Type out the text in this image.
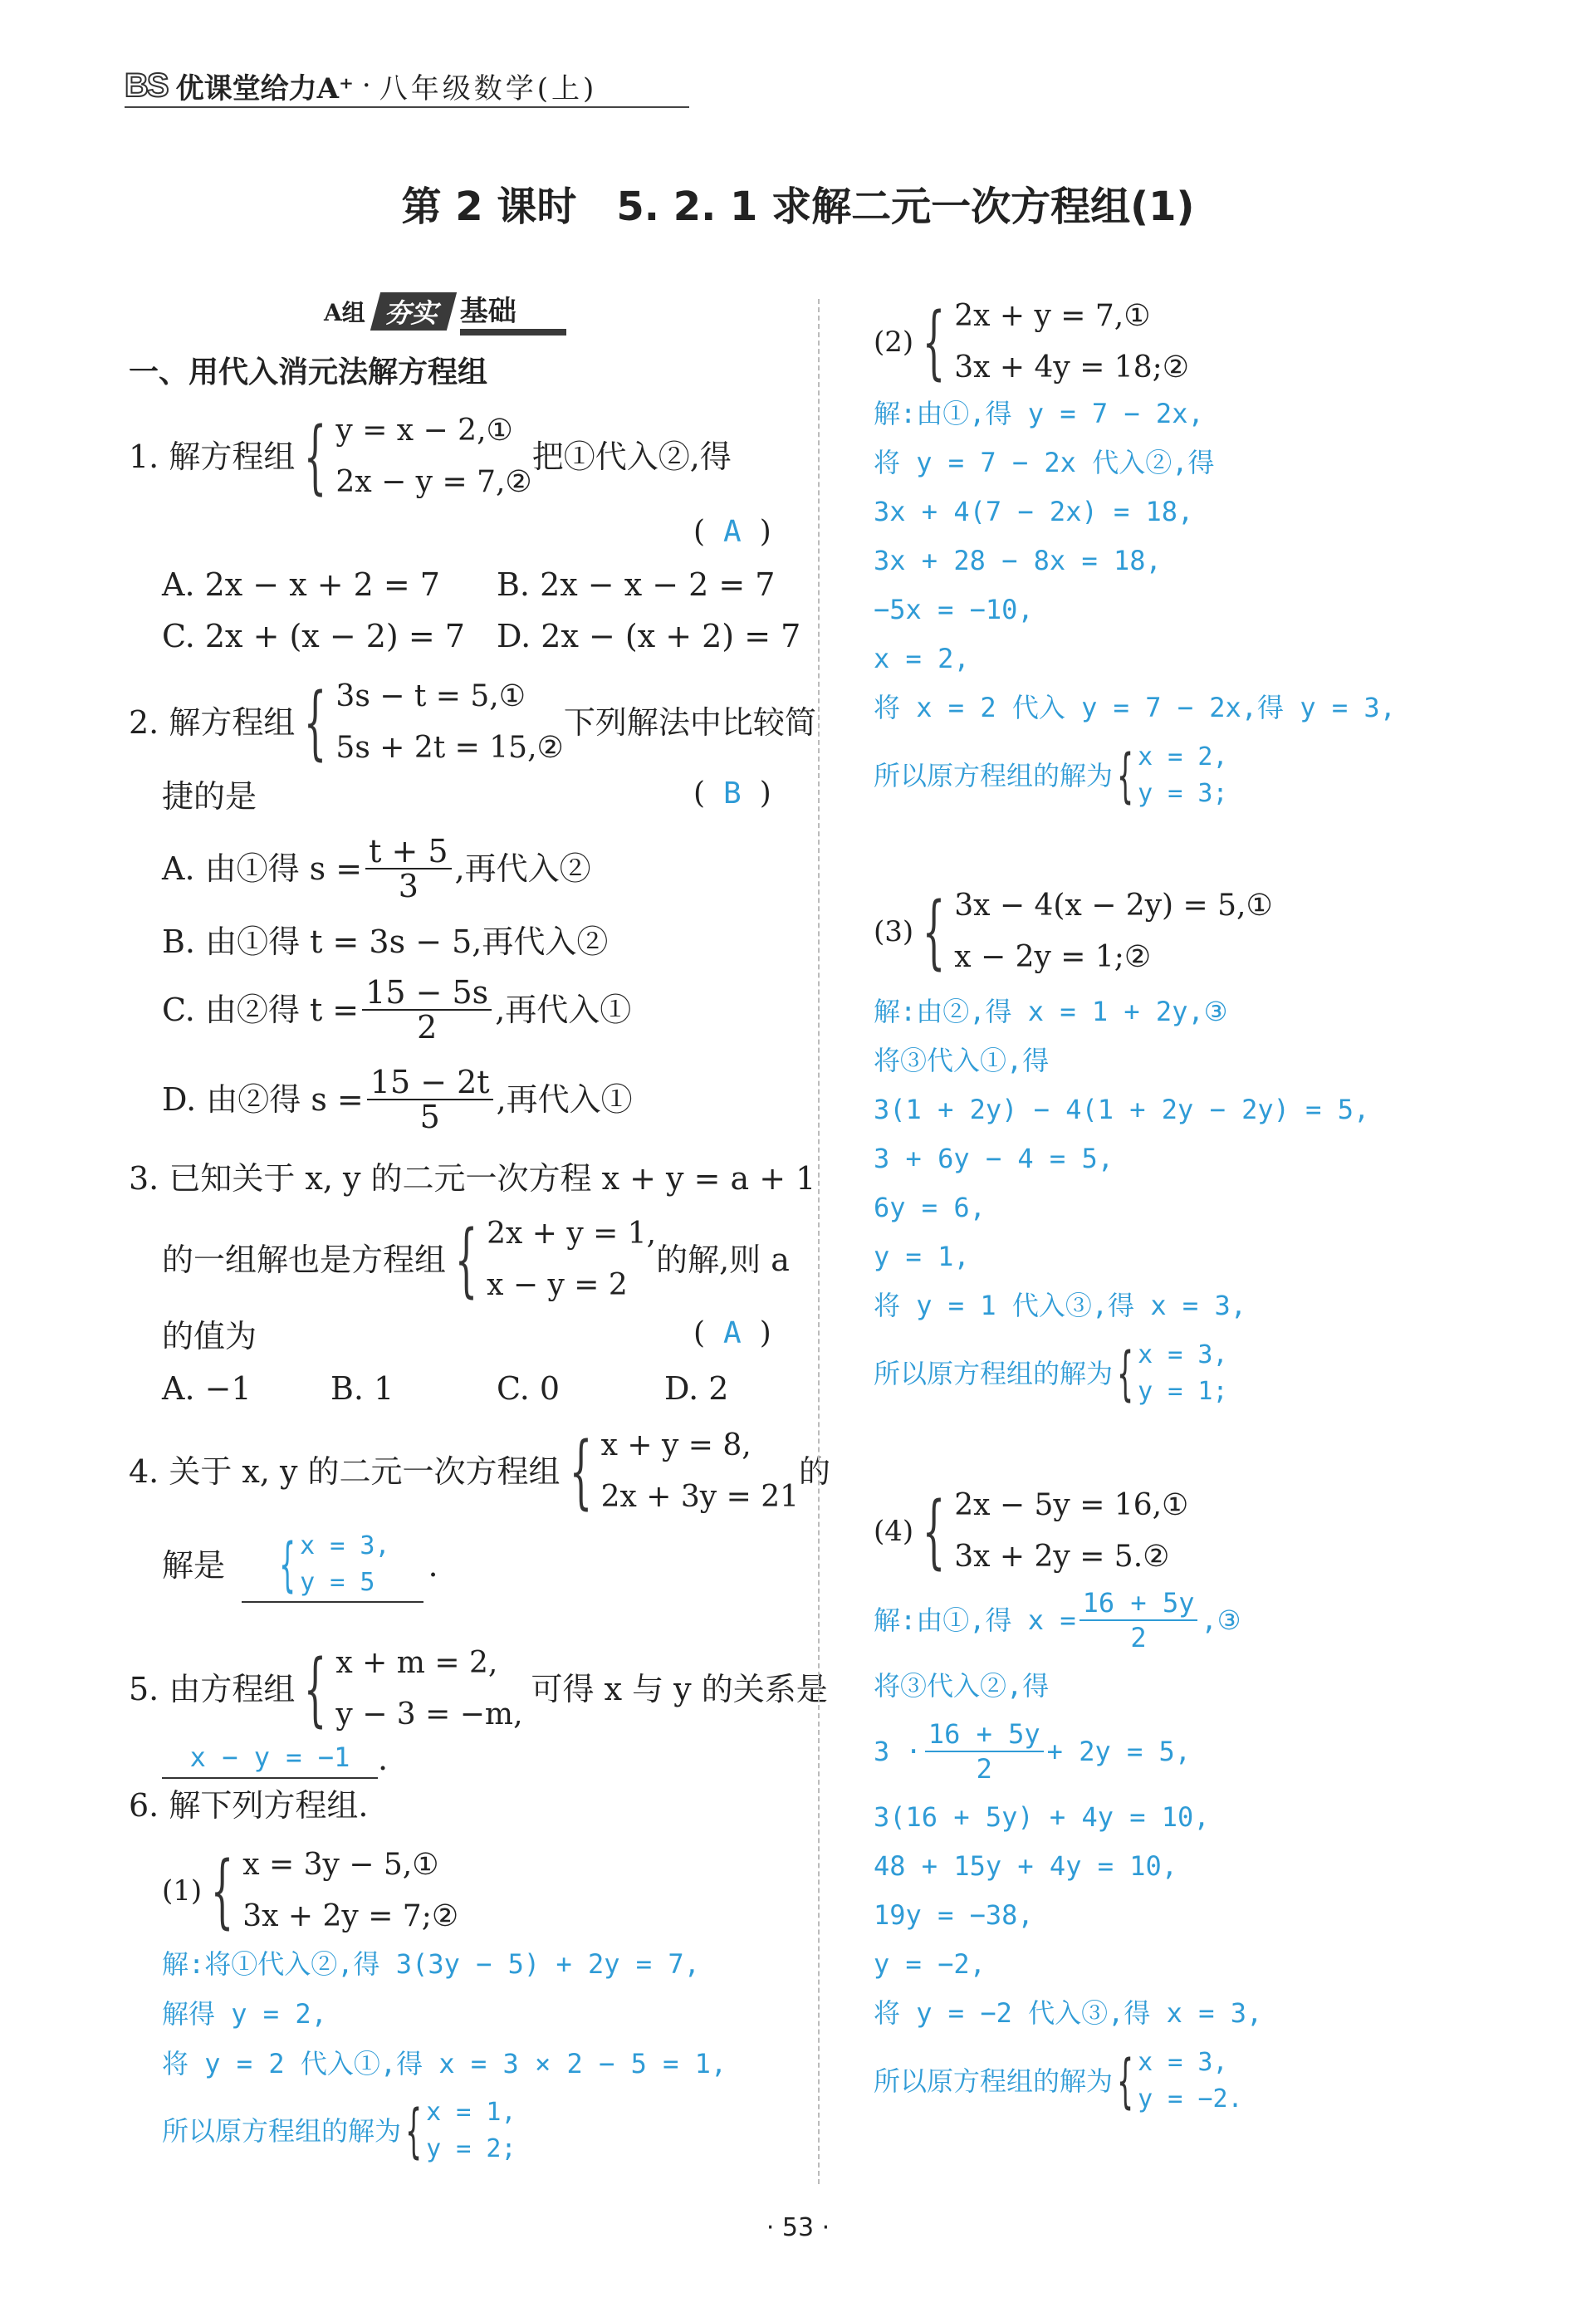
BS 优课堂给力A⁺ · 八年级数学(上)
第 2 课时　5. 2. 1 求解二元一次方程组(1)
A组 夯实 基础
一、用代入消元法解方程组
1. 解方程组 { y = x − 2,①
2x − y = 7,②
把①代入②,得
( A )
A. 2x − x + 2 = 7 B. 2x − x − 2 = 7
C. 2x + (x − 2) = 7 D. 2x − (x + 2) = 7
2. 解方程组 { 3s − t = 5,①
5s + 2t = 15,②
下列解法中比较简
捷的是	( B )
A. 由①得 $s = \frac{t + 5}{3}$ ,再代入②
B. 由①得 t = 3s − 5,再代入②
C. 由②得 $t = \frac{15 - 5s}{2}$ ,再代入①
D. 由②得 $s = \frac{15 - 2t}{5}$ ,再代入①
3. 已知关于 x, y 的二元一次方程 x + y = a + 1
的一组解也是方程组 { 2x + y = 1,
x − y = 2
的解,则 a
的值为	( A )
A. −1	B. 1	C. 0	D. 2
4. 关于 x, y 的二元一次方程组 { x + y = 8,
2x + 3y = 21
的
解是 { x = 3,
y = 5	.
5. 由方程组 { x + m = 2,
y − 3 = −m,
可得 x 与 y 的关系是
x − y = −1 .
6. 解下列方程组.
(1) { x = 3y − 5,①
3x + 2y = 7;②
解:将①代入②,得 3(3y − 5) + 2y = 7,
解得 y = 2,
将 y = 2 代入①,得 x = 3 × 2 − 5 = 1,
所以原方程组的解为 { x = 1,
y = 2;
(2) { 2x + y = 7,①
3x + 4y = 18;②
解:由①,得 y = 7 − 2x,
将 y = 7 − 2x 代入②,得
3x + 4(7 − 2x) = 18,
3x + 28 − 8x = 18,
−5x = −10,
x = 2,
将 x = 2 代入 y = 7 − 2x,得 y = 3,
所以原方程组的解为 { x = 2,
y = 3;
(3) { 3x − 4(x − 2y) = 5,①
x − 2y = 1;②
解:由②,得 x = 1 + 2y,③
将③代入①,得
3(1 + 2y) − 4(1 + 2y − 2y) = 5,
3 + 6y − 4 = 5,
6y = 6,
y = 1,
将 y = 1 代入③,得 x = 3,
所以原方程组的解为 { x = 3,
y = 1;
(4) { 2x − 5y = 16,①
3x + 2y = 5.②
解:由①,得 $x = \frac{16 + 5y}{2}$ ,③
将③代入②,得
$3 \cdot \frac{16 + 5y}{2} + 2y = 5$,
3(16 + 5y) + 4y = 10,
48 + 15y + 4y = 10,
19y = −38,
y = −2,
将 y = −2 代入③,得 x = 3,
所以原方程组的解为 { x = 3,
y = −2.
· 53 ·
